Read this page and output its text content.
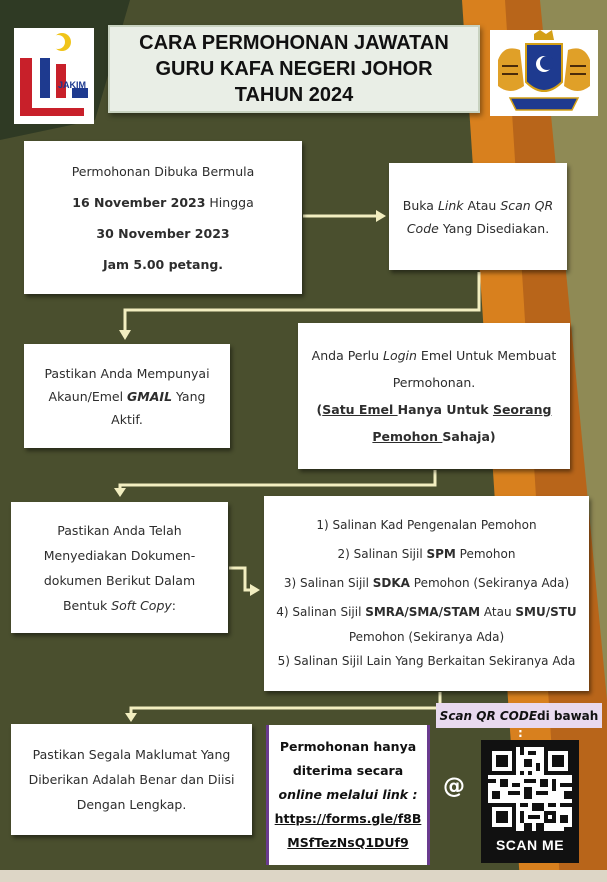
JAKIM
CARA PERMOHONAN JAWATAN
GURU KAFA NEGERI JOHOR
TAHUN 2024
Permohonan Dibuka Bermula
16 November 2023 Hingga
30 November 2023
Jam 5.00 petang.
Buka Link Atau Scan QR
Code Yang Disediakan.
Pastikan Anda Mempunyai
Akaun/Emel GMAIL Yang
Aktif.
Anda Perlu Login Emel Untuk Membuat
Permohonan.
(Satu Emel Hanya Untuk Seorang
Pemohon Sahaja)
Pastikan Anda Telah
Menyediakan Dokumen-
dokumen Berikut Dalam
Bentuk Soft Copy:
1) Salinan Kad Pengenalan Pemohon
2) Salinan Sijil SPM Pemohon
3) Salinan Sijil SDKA Pemohon (Sekiranya Ada)
4) Salinan Sijil SMRA/SMA/STAM Atau SMU/STU
Pemohon (Sekiranya Ada)
5) Salinan Sijil Lain Yang Berkaitan Sekiranya Ada
Pastikan Segala Maklumat Yang
Diberikan Adalah Benar dan Diisi
Dengan Lengkap.
Permohonan hanya
diterima secara
online melalui link :
https://forms.gle/f8B
MSfTezNsQ1DUf9
Scan QR CODE di bawah
:
@
SCAN ME
